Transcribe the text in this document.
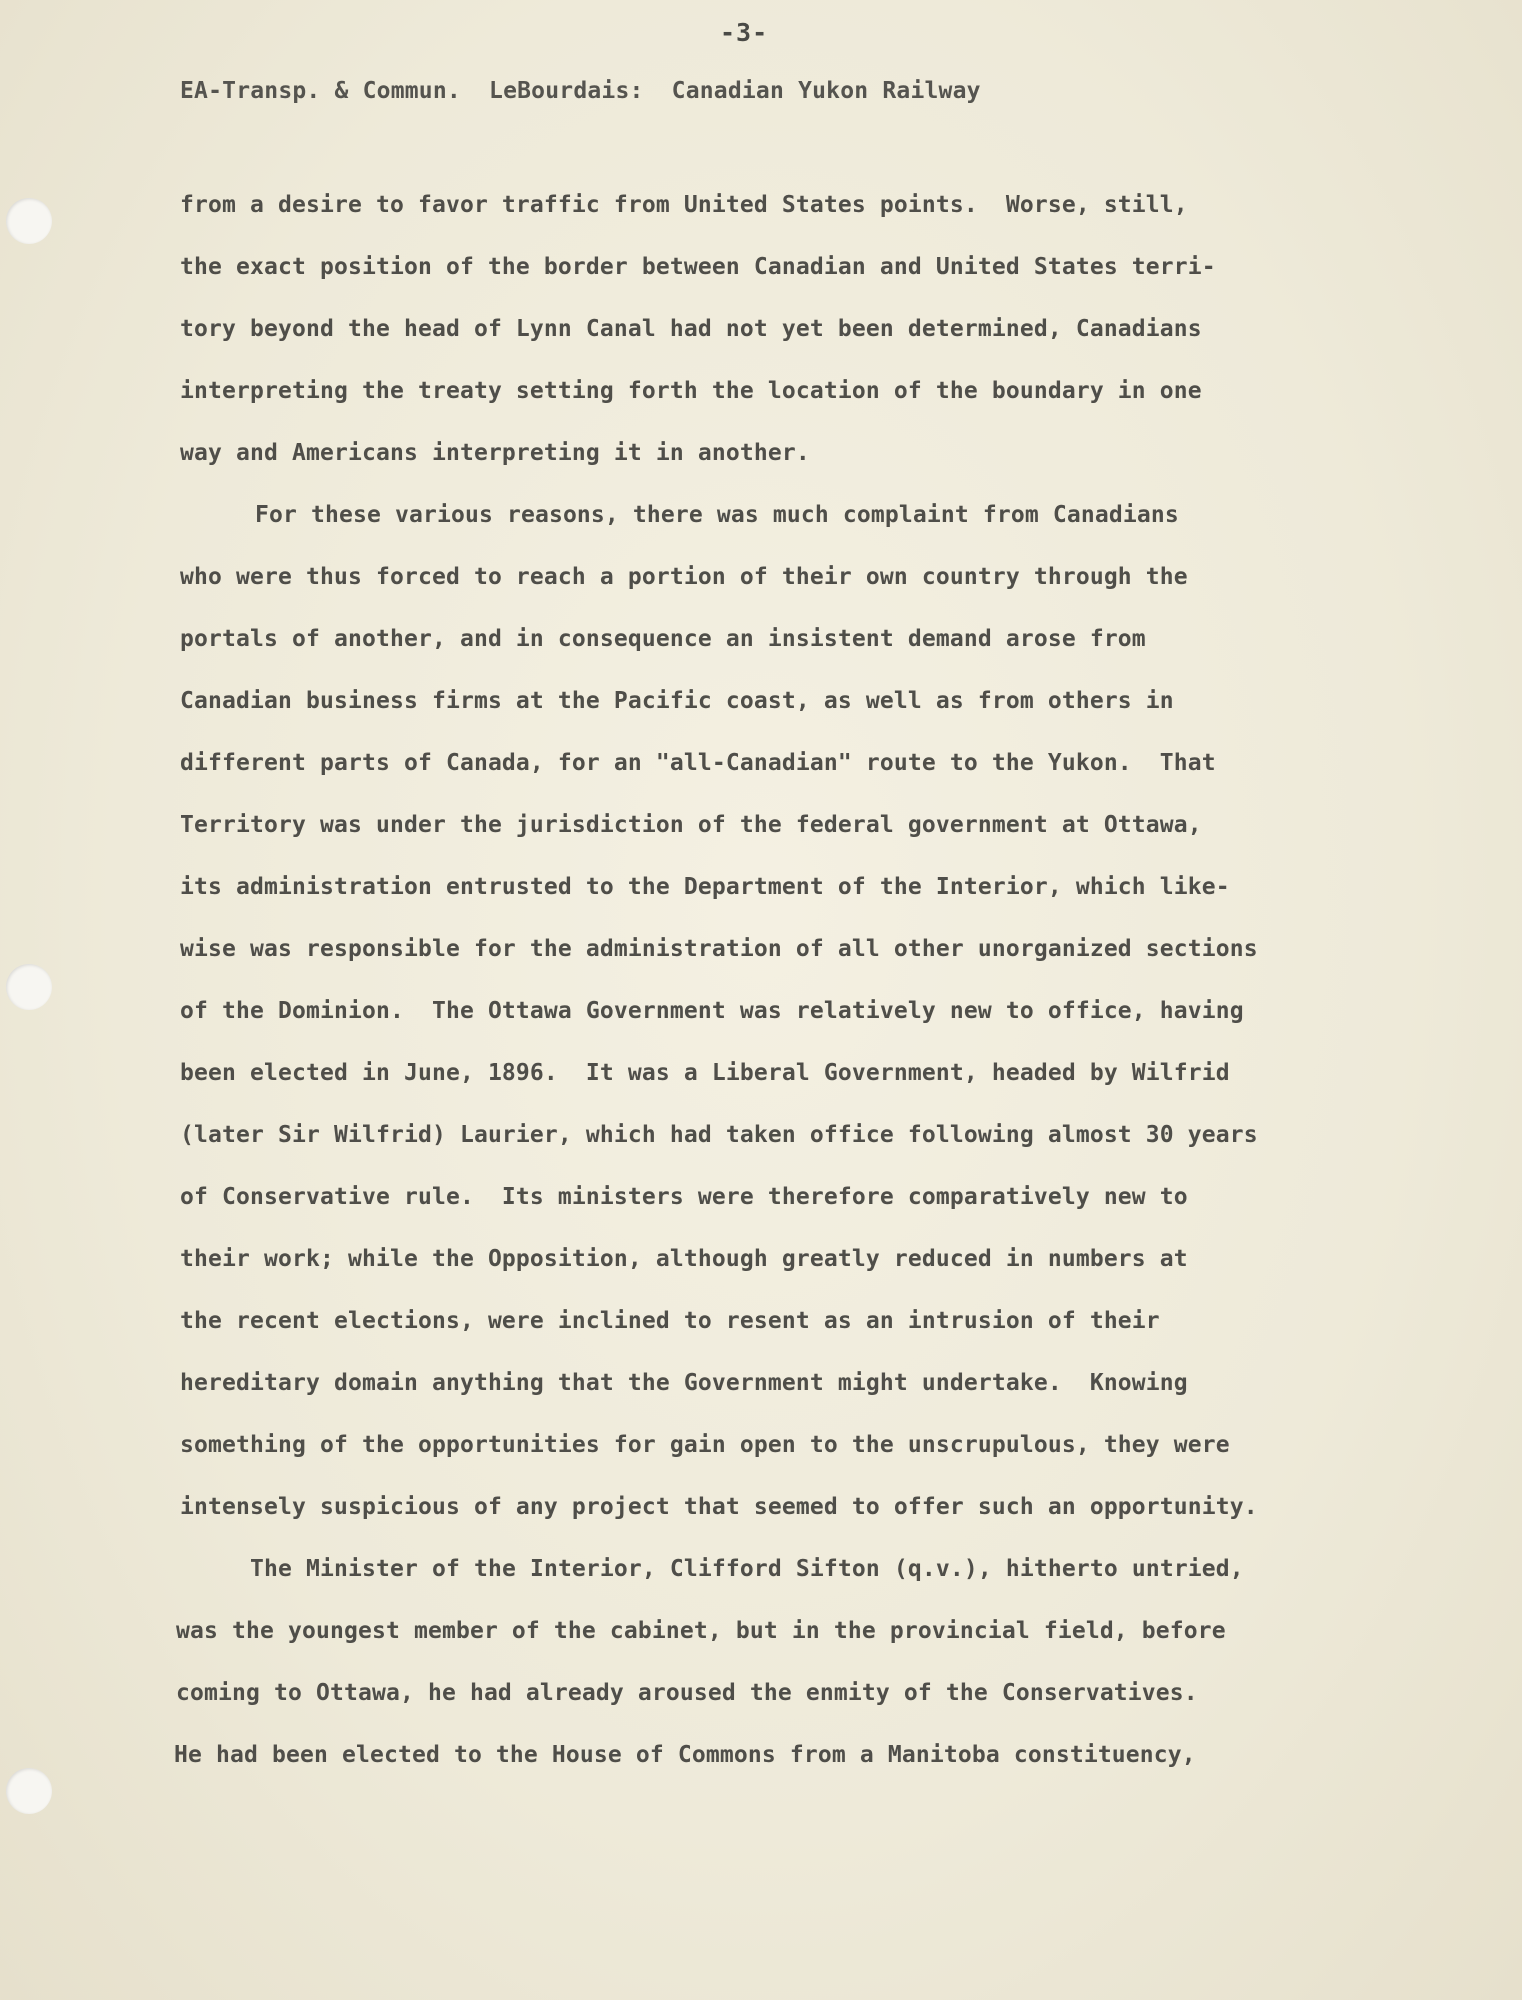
-3-
EA-Transp. & Commun.  LeBourdais:  Canadian Yukon Railway
from a desire to favor traffic from United States points.  Worse, still,
the exact position of the border between Canadian and United States terri-
tory beyond the head of Lynn Canal had not yet been determined, Canadians
interpreting the treaty setting forth the location of the boundary in one
way and Americans interpreting it in another.
For these various reasons, there was much complaint from Canadians
who were thus forced to reach a portion of their own country through the
portals of another, and in consequence an insistent demand arose from
Canadian business firms at the Pacific coast, as well as from others in
different parts of Canada, for an "all-Canadian" route to the Yukon.  That
Territory was under the jurisdiction of the federal government at Ottawa,
its administration entrusted to the Department of the Interior, which like-
wise was responsible for the administration of all other unorganized sections
of the Dominion.  The Ottawa Government was relatively new to office, having
been elected in June, 1896.  It was a Liberal Government, headed by Wilfrid
(later Sir Wilfrid) Laurier, which had taken office following almost 30 years
of Conservative rule.  Its ministers were therefore comparatively new to
their work; while the Opposition, although greatly reduced in numbers at
the recent elections, were inclined to resent as an intrusion of their
hereditary domain anything that the Government might undertake.  Knowing
something of the opportunities for gain open to the unscrupulous, they were
intensely suspicious of any project that seemed to offer such an opportunity.
The Minister of the Interior, Clifford Sifton (q.v.), hitherto untried,
was the youngest member of the cabinet, but in the provincial field, before
coming to Ottawa, he had already aroused the enmity of the Conservatives.
He had been elected to the House of Commons from a Manitoba constituency,
